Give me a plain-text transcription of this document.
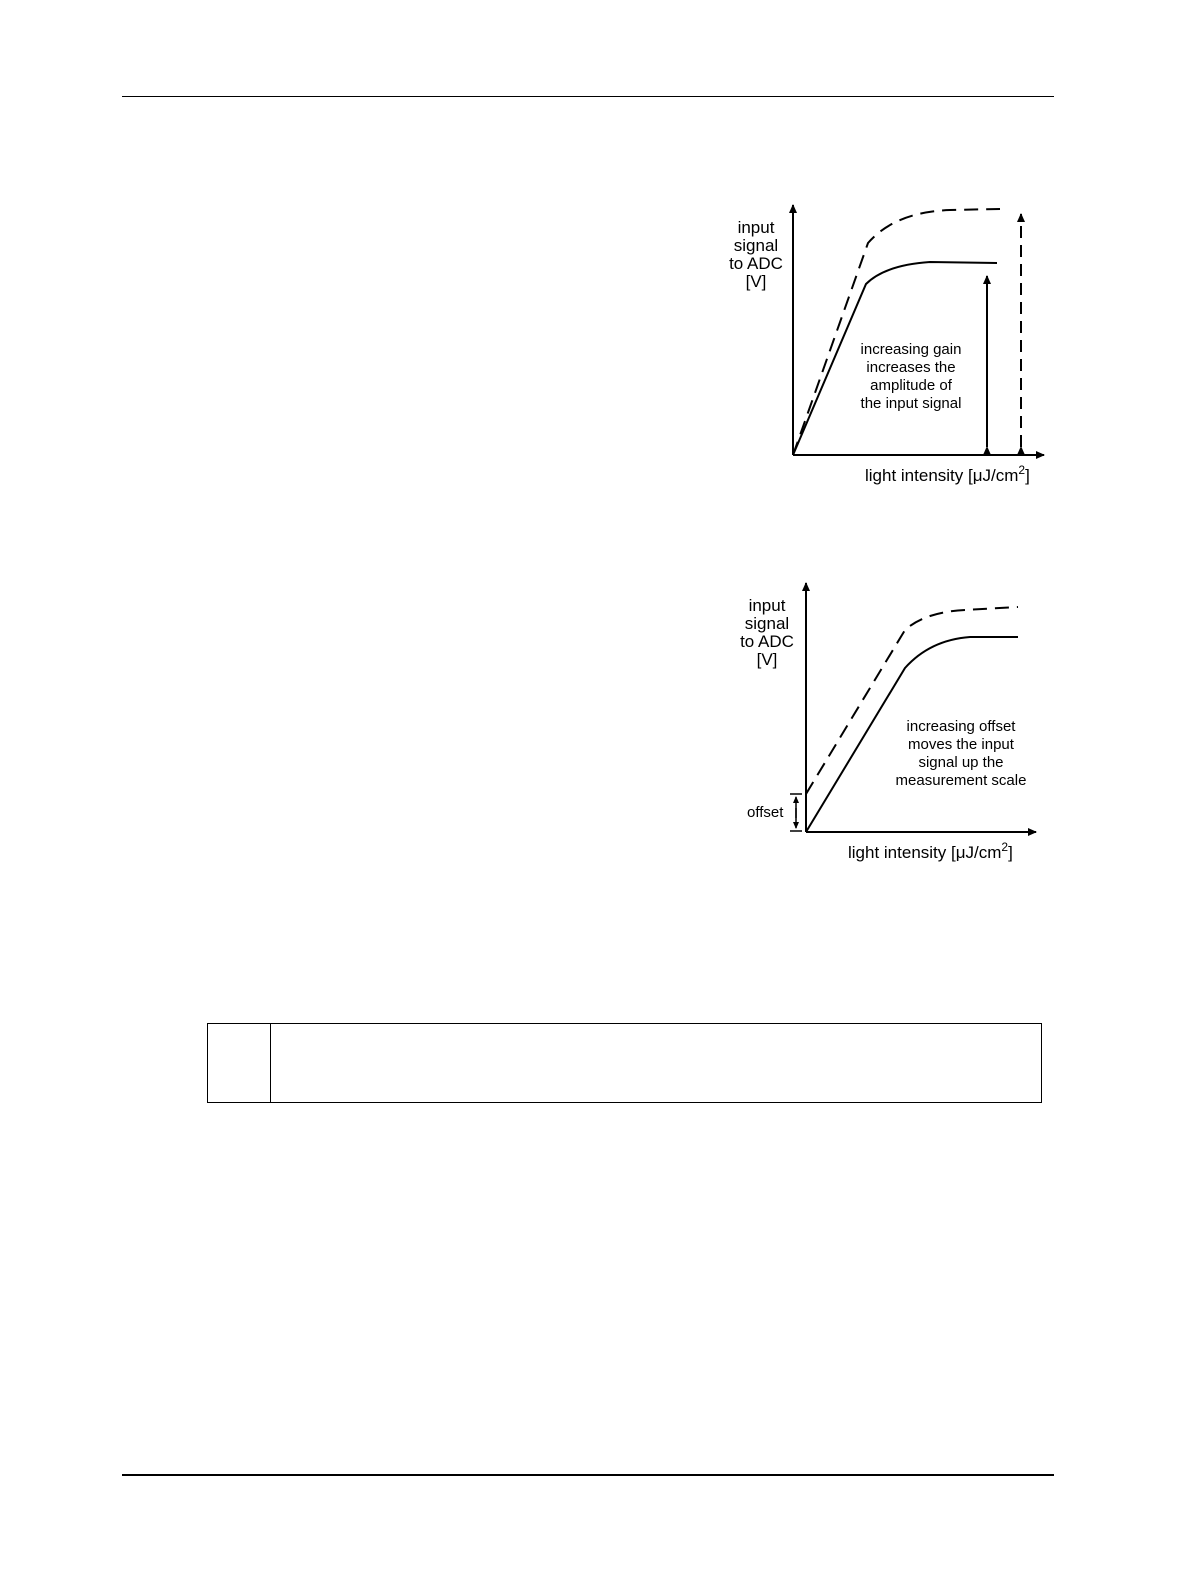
input
signal
to ADC
[V]
increasing gain
increases the
amplitude of
the input signal
light intensity $[\mu J/cm^2]$
offset
input
signal
to ADC
[V]
increasing offset
moves the input
signal up the
measurement scale
light intensity $[\mu J/cm^2]$
